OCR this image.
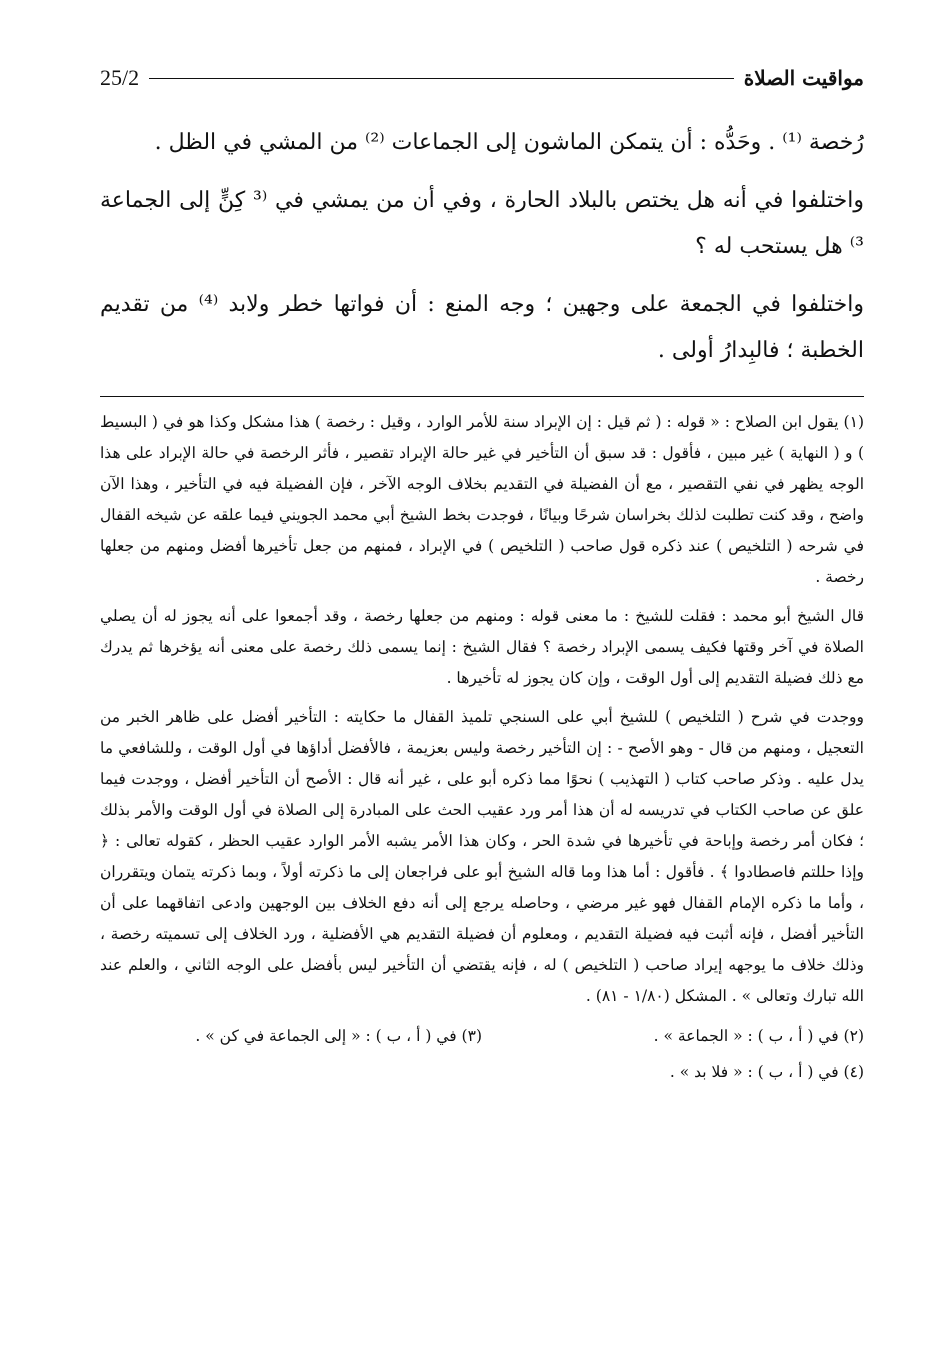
25/2	مواقيت الصلاة

رُخصة ⁽¹⁾ . وحَدُّه : أن يتمكن الماشون إلى الجماعات ⁽²⁾ من المشي في الظل .

واختلفوا في أنه هل يختص بالبلاد الحارة ، وفي أن من يمشي في ⁽³ كِنٍّ إلى الجماعة ³⁾ هل يستحب له ؟

واختلفوا في الجمعة على وجهين ؛ وجه المنع : أن فواتها خطر ولابد ⁽⁴⁾ من تقديم الخطبة ؛ فالبِدارُ أولى .

(١) يقول ابن الصلاح : « قوله : ( ثم قيل : إن الإبراد سنة للأمر الوارد ، وقيل : رخصة ) هذا مشكل وكذا هو في ( البسيط ) و ( النهاية ) غير مبين ، فأقول : قد سبق أن التأخير في غير حالة الإبراد تقصير ، فأثر الرخصة في حالة الإبراد على هذا الوجه يظهر في نفي التقصير ، مع أن الفضيلة في التقديم بخلاف الوجه الآخر ، فإن الفضيلة فيه في التأخير ، وهذا الآن واضح ، وقد كنت تطلبت لذلك بخراسان شرحًا وبيانًا ، فوجدت بخط الشيخ أبي محمد الجويني فيما علقه عن شيخه القفال في شرحه ( التلخيص ) عند ذكره قول صاحب ( التلخيص ) في الإبراد ، فمنهم من جعل تأخيرها أفضل ومنهم من جعلها رخصة .

قال الشيخ أبو محمد : فقلت للشيخ : ما معنى قوله : ومنهم من جعلها رخصة ، وقد أجمعوا على أنه يجوز له أن يصلي الصلاة في آخر وقتها فكيف يسمى الإبراد رخصة ؟ فقال الشيخ : إنما يسمى ذلك رخصة على معنى أنه يؤخرها ثم يدرك مع ذلك فضيلة التقديم إلى أول الوقت ، وإن كان يجوز له تأخيرها .

ووجدت في شرح ( التلخيص ) للشيخ أبي على السنجي تلميذ القفال ما حكايته : التأخير أفضل على ظاهر الخبر من التعجيل ، ومنهم من قال - وهو الأصح - : إن التأخير رخصة وليس بعزيمة ، فالأفضل أداؤها في أول الوقت ، وللشافعي ما يدل عليه . وذكر صاحب كتاب ( التهذيب ) نحوًا مما ذكره أبو على ، غير أنه قال : الأصح أن التأخير أفضل ، ووجدت فيما علق عن صاحب الكتاب في تدريسه له أن هذا أمر ورد عقيب الحث على المبادرة إلى الصلاة في أول الوقت والأمر بذلك ؛ فكان أمر رخصة وإباحة في تأخيرها في شدة الحر ، وكان هذا الأمر يشبه الأمر الوارد عقيب الحظر ، كقوله تعالى : ﴿ وإذا حللتم فاصطادوا ﴾ . فأقول : أما هذا وما قاله الشيخ أبو على فراجعان إلى ما ذكرته أولاً ، وبما ذكرته يتمان ويتقرران ، وأما ما ذكره الإمام القفال فهو غير مرضي ، وحاصله يرجع إلى أنه دفع الخلاف بين الوجهين وادعى اتفاقهما على أن التأخير أفضل ، فإنه أثبت فيه فضيلة التقديم ، ومعلوم أن فضيلة التقديم هي الأفضلية ، ورد الخلاف إلى تسميته رخصة ، وذلك خلاف ما يوجهه إيراد صاحب ( التلخيص ) له ، فإنه يقتضي أن التأخير ليس بأفضل على الوجه الثاني ، والعلم عند الله تبارك وتعالى » . المشكل (١/٨٠ - ٨١) .

(٢) في ( أ ، ب ) : « الجماعة » .
(٣) في ( أ ، ب ) : « إلى الجماعة في كن » .
(٤) في ( أ ، ب ) : « فلا بد » .
